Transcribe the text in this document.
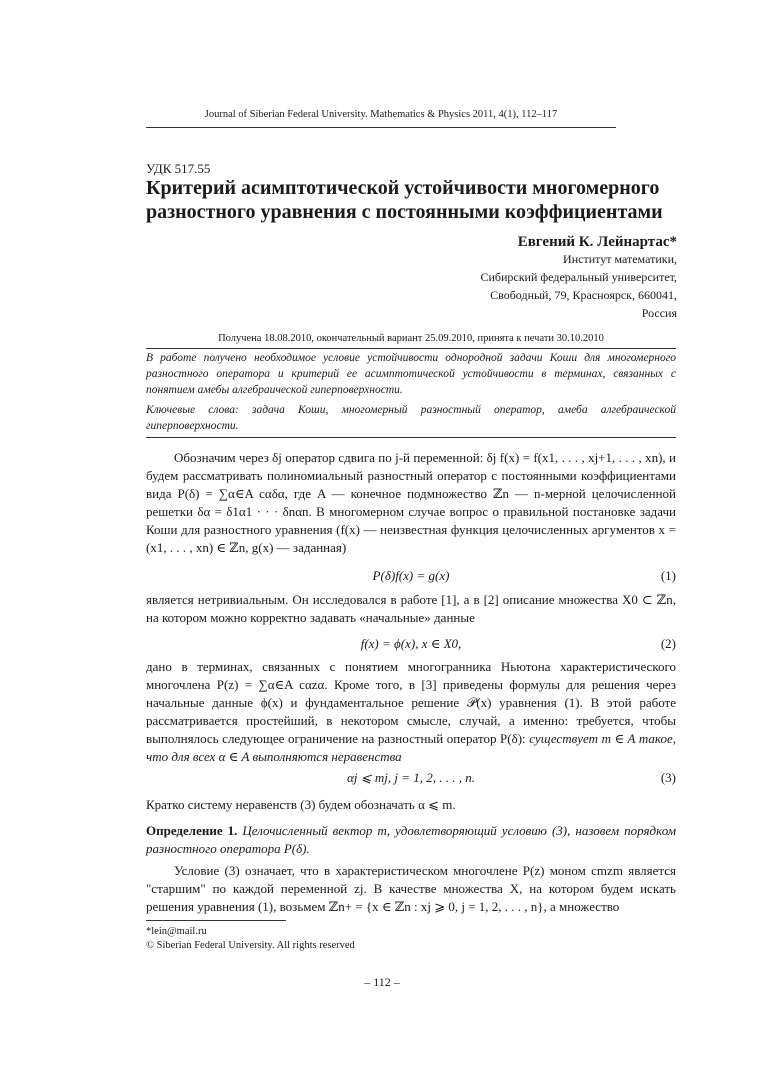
Journal of Siberian Federal University. Mathematics & Physics 2011, 4(1), 112–117
УДК 517.55
Критерий асимптотической устойчивости многомерного разностного уравнения с постоянными коэффициентами
Евгений К. Лейнартас*
Институт математики,
Сибирский федеральный университет,
Свободный, 79, Красноярск, 660041,
Россия
Получена 18.08.2010, окончательный вариант 25.09.2010, принята к печати 30.10.2010
В работе получено необходимое условие устойчивости однородной задачи Коши для многомерного разностного оператора и критерий ее асимптотической устойчивости в терминах, связанных с понятием амебы алгебраической гиперповерхности.
Ключевые слова: задача Коши, многомерный разностный оператор, амеба алгебраической гиперповерхности.
Обозначим через δj оператор сдвига по j-й переменной: δj f(x) = f(x1, . . . , xj+1, . . . , xn), и будем рассматривать полиномиальный разностный оператор с постоянными коэффициентами вида P(δ) = ∑α∈A cαδα, где A — конечное подмножество ℤn — n-мерной целочисленной решетки δα = δ1α1 · · · δnαn. В многомерном случае вопрос о правильной постановке задачи Коши для разностного уравнения (f(x) — неизвестная функция целочисленных аргументов x = (x1, . . . , xn) ∈ ℤn, g(x) — заданная)
P(δ)f(x) = g(x)	(1)
является нетривиальным. Он исследовался в работе [1], а в [2] описание множества X0 ⊂ ℤn, на котором можно корректно задавать «начальные» данные
f(x) = ϕ(x), x ∈ X0,	(2)
дано в терминах, связанных с понятием многогранника Ньютона характеристического многочлена P(z) = ∑α∈A cαzα. Кроме того, в [3] приведены формулы для решения через начальные данные ϕ(x) и фундаментальное решение 𝒫(x) уравнения (1). В этой работе рассматривается простейший, в некотором смысле, случай, а именно: требуется, чтобы выполнялось следующее ограничение на разностный оператор P(δ): существует m ∈ A такое, что для всех α ∈ A выполняются неравенства
αj ⩽ mj, j = 1, 2, . . . , n.	(3)
Кратко систему неравенств (3) будем обозначать α ⩽ m.
Определение 1. Целочисленный вектор m, удовлетворяющий условию (3), назовем порядком разностного оператора P(δ).
Условие (3) означает, что в характеристическом многочлене P(z) моном cmzm является "старшим" по каждой переменной zj. В качестве множества X, на котором будем искать решения уравнения (1), возьмем ℤn+ = {x ∈ ℤn : xj ⩾ 0, j = 1, 2, . . . , n}, а множество
*lein@mail.ru
© Siberian Federal University. All rights reserved
– 112 –
